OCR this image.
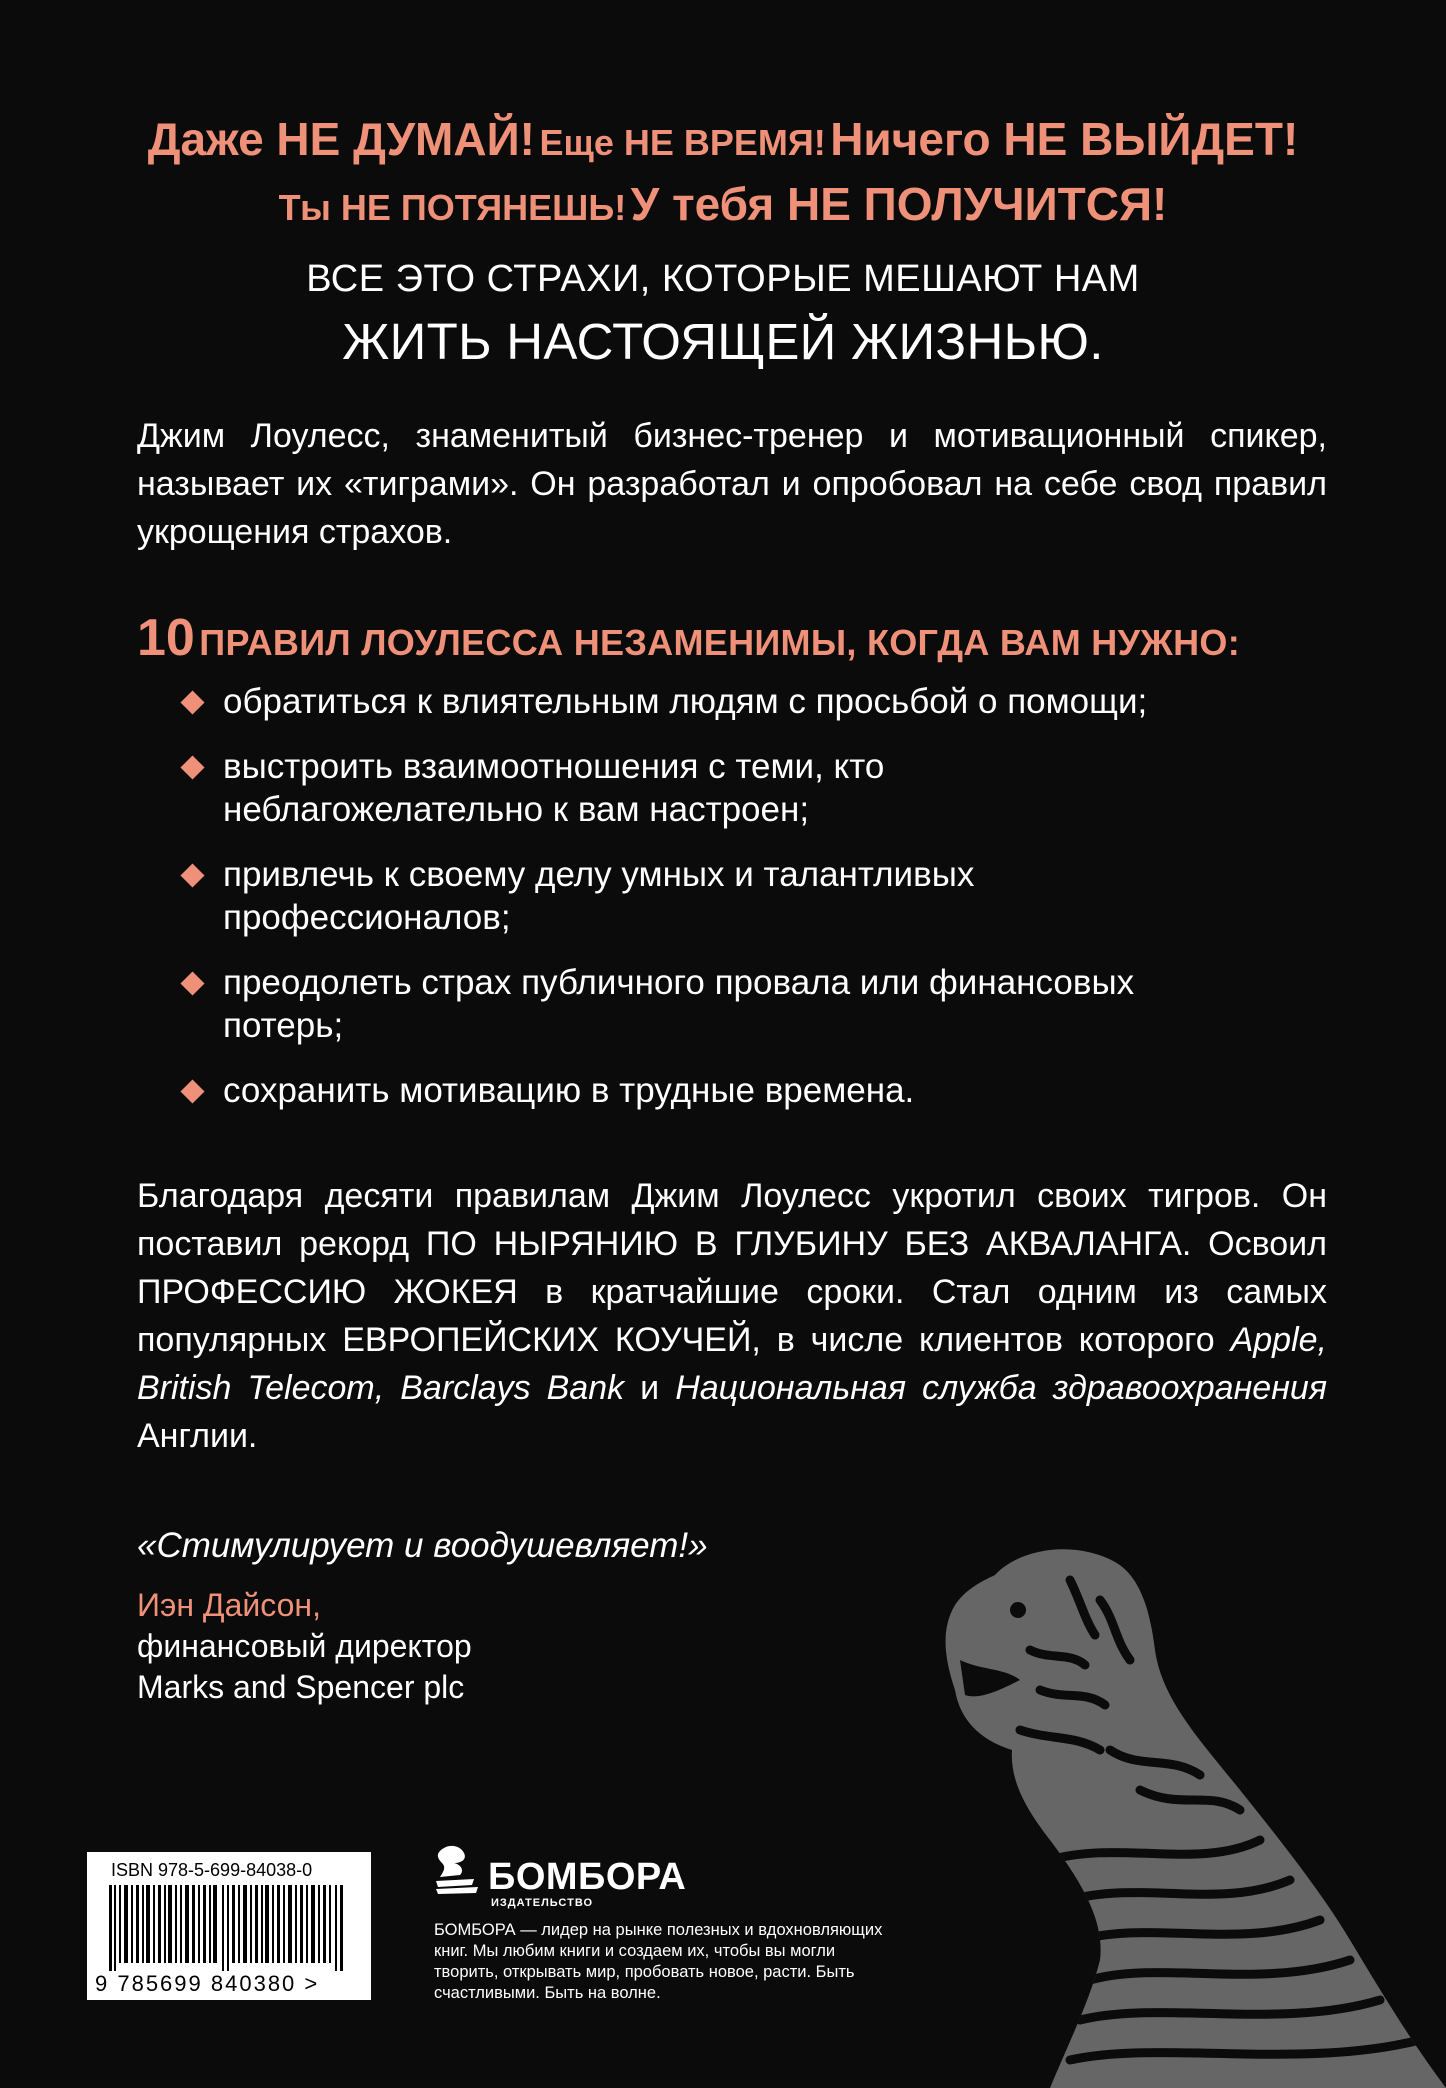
Даже НЕ ДУМАЙ! Еще НЕ ВРЕМЯ! Ничего НЕ ВЫЙДЕТ!
Ты НЕ ПОТЯНЕШЬ! У тебя НЕ ПОЛУЧИТСЯ!
ВСЕ ЭТО СТРАХИ, КОТОРЫЕ МЕШАЮТ НАМ
ЖИТЬ НАСТОЯЩЕЙ ЖИЗНЬЮ.
Джим Лоулесс, знаменитый бизнес-тренер и мотивационный спикер, называет их «тиграми». Он разработал и опробовал на себе свод правил укрощения страхов.
10 ПРАВИЛ ЛОУЛЕССА НЕЗАМЕНИМЫ, КОГДА ВАМ НУЖНО:
обратиться к влиятельным людям с просьбой о помощи;
выстроить взаимоотношения с теми, кто неблагожелательно к вам настроен;
привлечь к своему делу умных и талантливых профессионалов;
преодолеть страх публичного провала или финансовых потерь;
сохранить мотивацию в трудные времена.
Благодаря десяти правилам Джим Лоулесс укротил своих тигров. Он поставил рекорд ПО НЫРЯНИЮ В ГЛУБИНУ БЕЗ АКВАЛАНГА. Освоил ПРОФЕССИЮ ЖОКЕЯ в кратчайшие сроки. Стал одним из самых популярных ЕВРОПЕЙСКИХ КОУЧЕЙ, в числе клиентов которого Apple, British Telecom, Barclays Bank и Национальная служба здравоохранения Англии.
«Стимулирует и воодушевляет!»
Иэн Дайсон,
финансовый директор
Marks and Spencer plc
ISBN 978-5-699-84038-0
9 785699 840380 >
БОМБОРА
ИЗДАТЕЛЬСТВО
БОМБОРА — лидер на рынке полезных и вдохновляющих книг. Мы любим книги и создаем их, чтобы вы могли творить, открывать мир, пробовать новое, расти. Быть счастливыми. Быть на волне.
